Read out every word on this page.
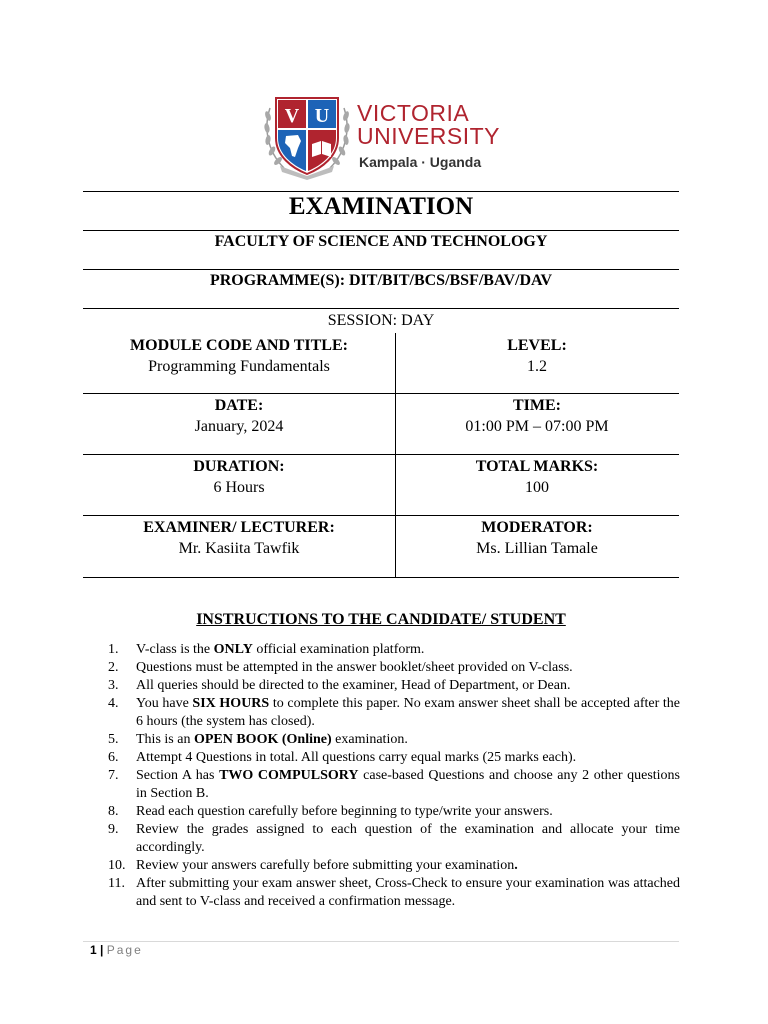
V U VICTORIA
UNIVERSITY
Kampala · Uganda
EXAMINATION
FACULTY OF SCIENCE AND TECHNOLOGY
PROGRAMME(S): DIT/BIT/BCS/BSF/BAV/DAV
SESSION: DAY
MODULE CODE AND TITLE:
Programming Fundamentals
LEVEL:
1.2
DATE:
January, 2024
TIME:
01:00 PM – 07:00 PM
DURATION:
6 Hours
TOTAL MARKS:
100
EXAMINER/ LECTURER:
Mr. Kasiita Tawfik
MODERATOR:
Ms. Lillian Tamale
INSTRUCTIONS TO THE CANDIDATE/ STUDENT
1. V-class is the ONLY official examination platform.
2. Questions must be attempted in the answer booklet/sheet provided on V-class.
3. All queries should be directed to the examiner, Head of Department, or Dean.
4. You have SIX HOURS to complete this paper. No exam answer sheet shall be accepted after the 6 hours (the system has closed).
5. This is an OPEN BOOK (Online) examination.
6. Attempt 4 Questions in total. All questions carry equal marks (25 marks each).
7. Section A has TWO COMPULSORY case-based Questions and choose any 2 other questions in Section B.
8. Read each question carefully before beginning to type/write your answers.
9. Review the grades assigned to each question of the examination and allocate your time accordingly.
10. Review your answers carefully before submitting your examination.
11. After submitting your exam answer sheet, Cross-Check to ensure your examination was attached and sent to V-class and received a confirmation message.
1 | Page
